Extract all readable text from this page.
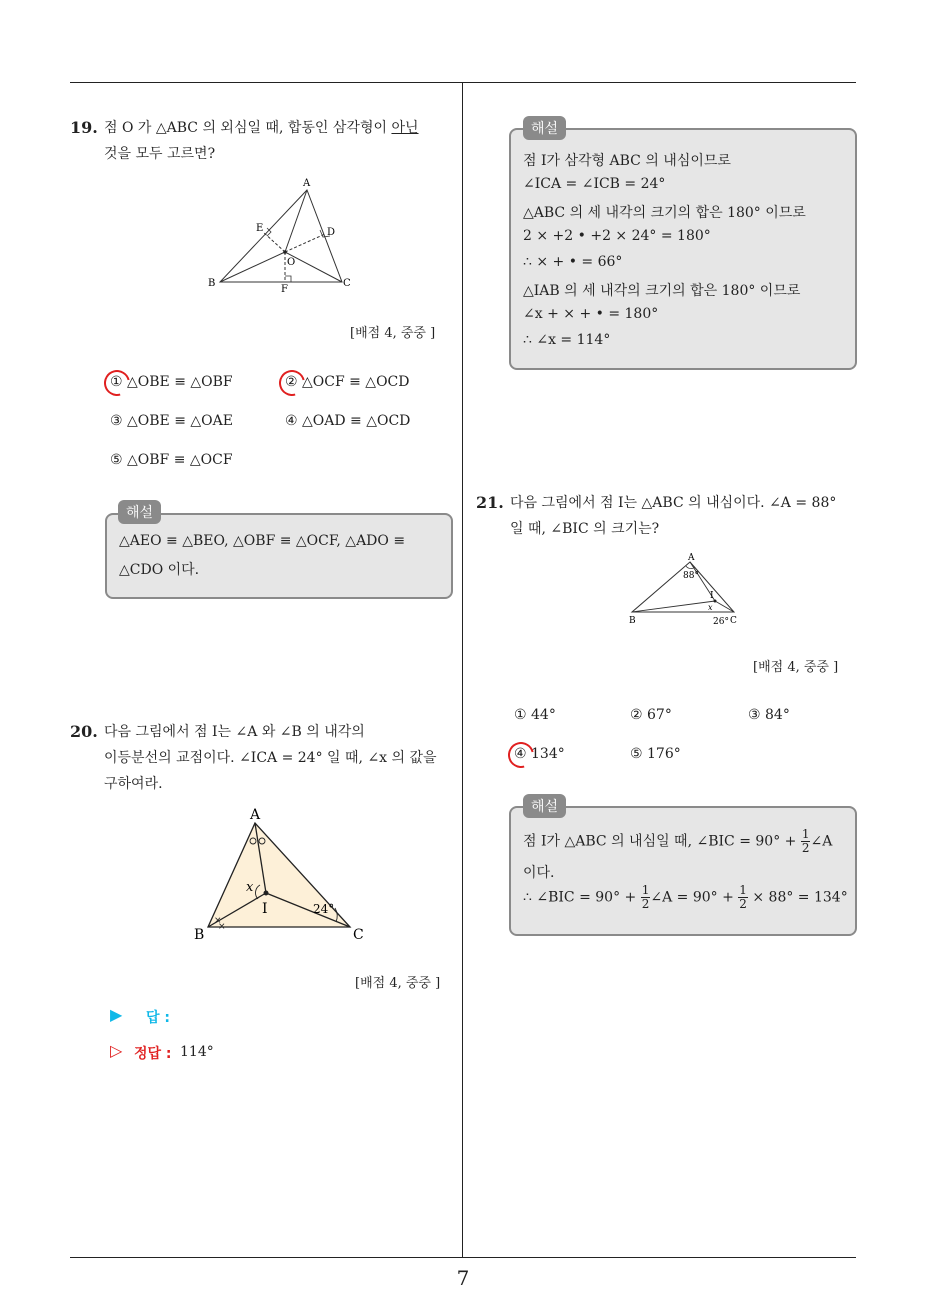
19. 점 O 가 △ABC 의 외심일 때, 합동인 삼각형이 아닌
것을 모두 고르면?
A
B	C
D
E
F
O
[배점 4, 중중 ]
① △OBE ≡ △OBF	② △OCF ≡ △OCD
③ △OBE ≡ △OAE	④ △OAD ≡ △OCD
⑤ △OBF ≡ △OCF
△AEO ≡ △BEO, △OBF ≡ △OCF, △ADO ≡
△CDO 이다.
해설
20. 다음 그림에서 점 I는 ∠A 와 ∠B 의 내각의
이등분선의 교점이다. ∠ICA = 24° 일 때, ∠x 의 값을
구하여라.
×
×
A
B	C
I
x
24°
[배점 4, 중중 ]
▶ 답 :
▷ 정답 : 114°
점 I가 삼각형 ABC 의 내심이므로
∠ICA = ∠ICB = 24°
△ABC 의 세 내각의 크기의 합은 180° 이므로
2 × +2 • +2 × 24° = 180°
∴ × + • = 66°
△IAB 의 세 내각의 크기의 합은 180° 이므로
∠x + × + • = 180°
∴ ∠x = 114°
해설
21. 다음 그림에서 점 I는 △ABC 의 내심이다. ∠A = 88°
일 때, ∠BIC 의 크기는?
A
B	C
I
x
88°
26°
[배점 4, 중중 ]
① 44°	② 67°	③ 84°
④ 134°	⑤ 176°
점 I가 △ABC 의 내심일 때, ∠BIC = $90^\circ + \frac{1}{2}$ ∠A
이다.
∴ ∠BIC = $90^\circ + \frac{1}{2}$ ∠A = $90^\circ + \frac{1}{2} \times 88^\circ = 134^\circ$
해설
7
